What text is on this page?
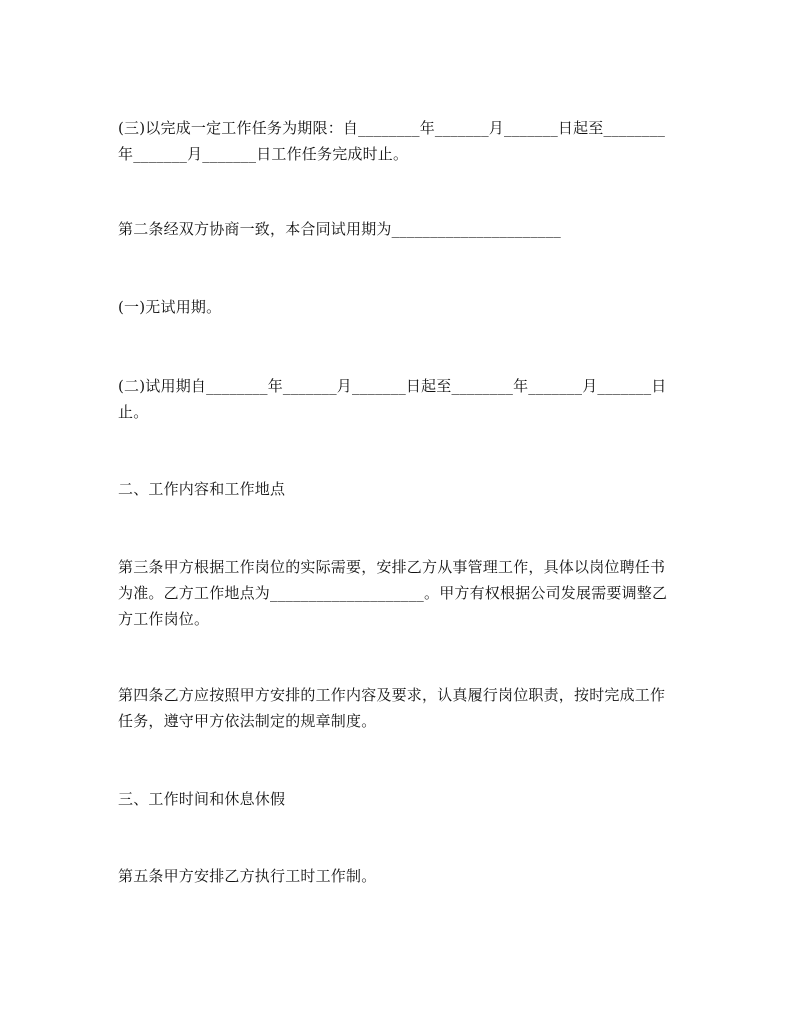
(三)以完成一定工作任务为期限：自________年_______月_______日起至________
年_______月_______日工作任务完成时止。
第二条经双方协商一致，本合同试用期为______________________
(一)无试用期。
(二)试用期自________年_______月_______日起至________年_______月_______日
止。
二、工作内容和工作地点
第三条甲方根据工作岗位的实际需要，安排乙方从事管理工作，具体以岗位聘任书
为准。乙方工作地点为____________________。甲方有权根据公司发展需要调整乙
方工作岗位。
第四条乙方应按照甲方安排的工作内容及要求，认真履行岗位职责，按时完成工作
任务，遵守甲方依法制定的规章制度。
三、工作时间和休息休假
第五条甲方安排乙方执行工时工作制。
